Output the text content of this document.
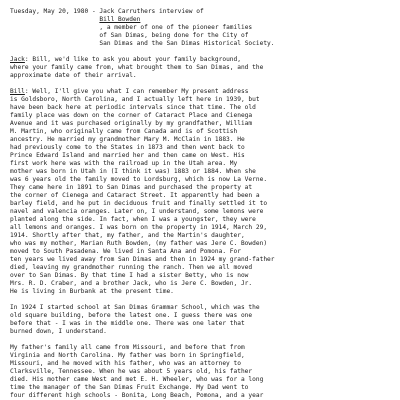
Tuesday, May 20, 1980 - Jack Carruthers interview of
Bill Bowden
, a member of one of the pioneer families
of San Dimas, being done for the City of
San Dimas and the San Dimas Historical Society.

Jack: Bill, we'd like to ask you about your family background,
where your family came from, what brought them to San Dimas, and the
approximate date of their arrival.

Bill: Well, I'll give you what I can remember My present address
is Goldsboro, North Carolina, and I actually left here in 1939, but
have been back here at periodic intervals since that time. The old
family place was down on the corner of Cataract Place and Cienega
Avenue and it was purchased originally by my grandfather, William
M. Martin, who originally came from Canada and is of Scottish
ancestry. He married my grandmother Mary M. McClain in 1883. He
had previously come to the States in 1873 and then went back to
Prince Edward Island and married her and then came on West. His
first work here was with the railroad up in the Utah area. My
mother was born in Utah in (I think it was) 1883 or 1884. When she
was 6 years old the family moved to Lordsburg, which is now La Verne.
They came here in 1891 to San Dimas and purchased the property at
the corner of Cienega and Cataract Street. It apparently had been a
barley field, and he put in deciduous fruit and finally settled it to
navel and valencia oranges. Later on, I understand, some lemons were
planted along the side. In fact, when I was a youngster, they were
all lemons and oranges. I was born on the property in 1914, March 29,
1914. Shortly after that, my father, and the Martin's daughter,
who was my mother, Marian Ruth Bowden, (my father was Jere C. Bowden)
moved to South Pasadena. We lived in Santa Ana and Pomona. For
ten years we lived away from San Dimas and then in 1924 my grand-father
died, leaving my grandmother running the ranch. Then we all moved
over to San Dimas. By that time I had a sister Betty, who is now
Mrs. R. D. Craber, and a brother Jack, who is Jere C. Bowden, Jr.
He is living in Burbank at the present time.

In 1924 I started school at San Dimas Grammar School, which was the
old square building, before the latest one. I guess there was one
before that - I was in the middle one. There was one later that
burned down, I understand.

My father's family all came from Missouri, and before that from
Virginia and North Carolina. My father was born in Springfield,
Missouri, and he moved with his father, who was an attorney to
Clarksville, Tennessee. When he was about 5 years old, his father
died. His mother came West and met E. H. Wheeler, who was for a long
time the manager of the San Dimas Fruit Exchange. My Dad went to
four different high schools - Bonita, Long Beach, Pomona, and a year
